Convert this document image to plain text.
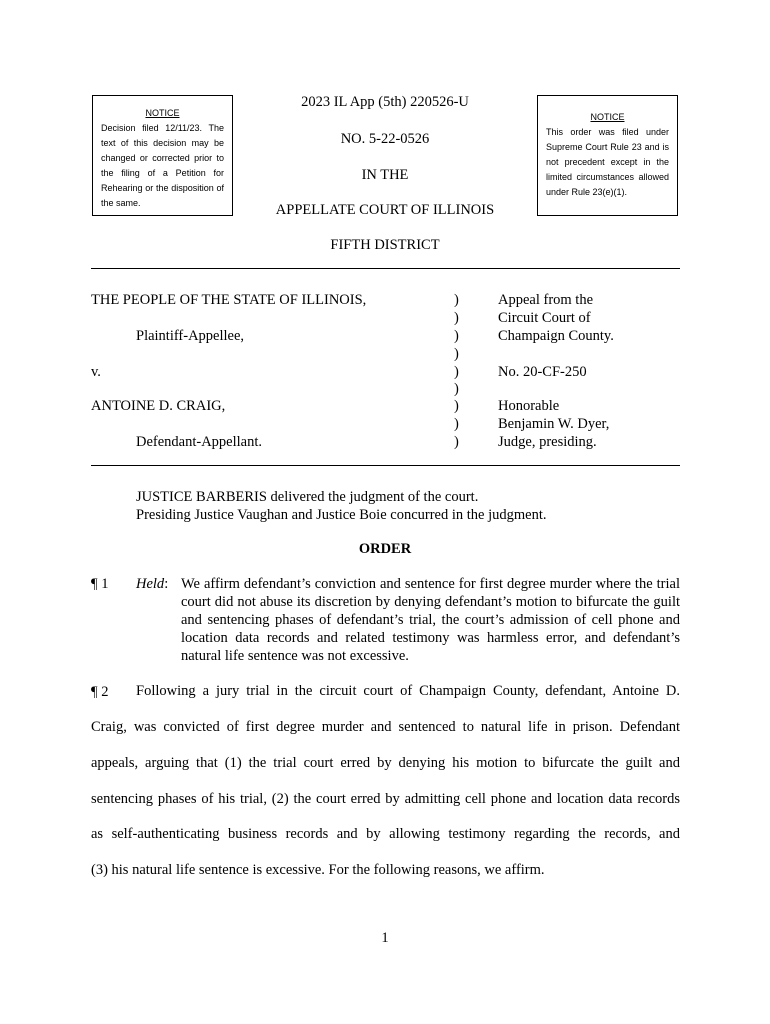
NOTICE
Decision filed 12/11/23. The
text of this decision may be
changed or corrected prior to
the filing of a Petition for
Rehearing or the disposition of
the same.
NOTICE
This order was filed under
Supreme Court Rule 23 and is
not precedent except in the
limited circumstances allowed
under Rule 23(e)(1).
2023 IL App (5th) 220526-U
NO. 5-22-0526
IN THE
APPELLATE COURT OF ILLINOIS
FIFTH DISTRICT
THE PEOPLE OF THE STATE OF ILLINOIS,
Plaintiff-Appellee,
v.
ANTOINE D. CRAIG,
Defendant-Appellant.
)
)
)
)
)
)
)
)
)
Appeal from the
Circuit Court of
Champaign County.
No. 20-CF-250
Honorable
Benjamin W. Dyer,
Judge, presiding.
JUSTICE BARBERIS delivered the judgment of the court.
Presiding Justice Vaughan and Justice Boie concurred in the judgment.
ORDER
¶ 1 Held: We affirm defendant’s conviction and sentence for first degree murder where the trial court did not abuse its discretion by denying defendant’s motion to bifurcate the guilt and sentencing phases of defendant’s trial, the court’s admission of cell phone and location data records and related testimony was harmless error, and defendant’s natural life sentence was not excessive.
¶ 2 Following a jury trial in the circuit court of Champaign County, defendant, Antoine D.
Craig, was convicted of first degree murder and sentenced to natural life in prison. Defendant
appeals, arguing that (1) the trial court erred by denying his motion to bifurcate the guilt and
sentencing phases of his trial, (2) the court erred by admitting cell phone and location data records
as self-authenticating business records and by allowing testimony regarding the records, and
(3) his natural life sentence is excessive. For the following reasons, we affirm.
1
